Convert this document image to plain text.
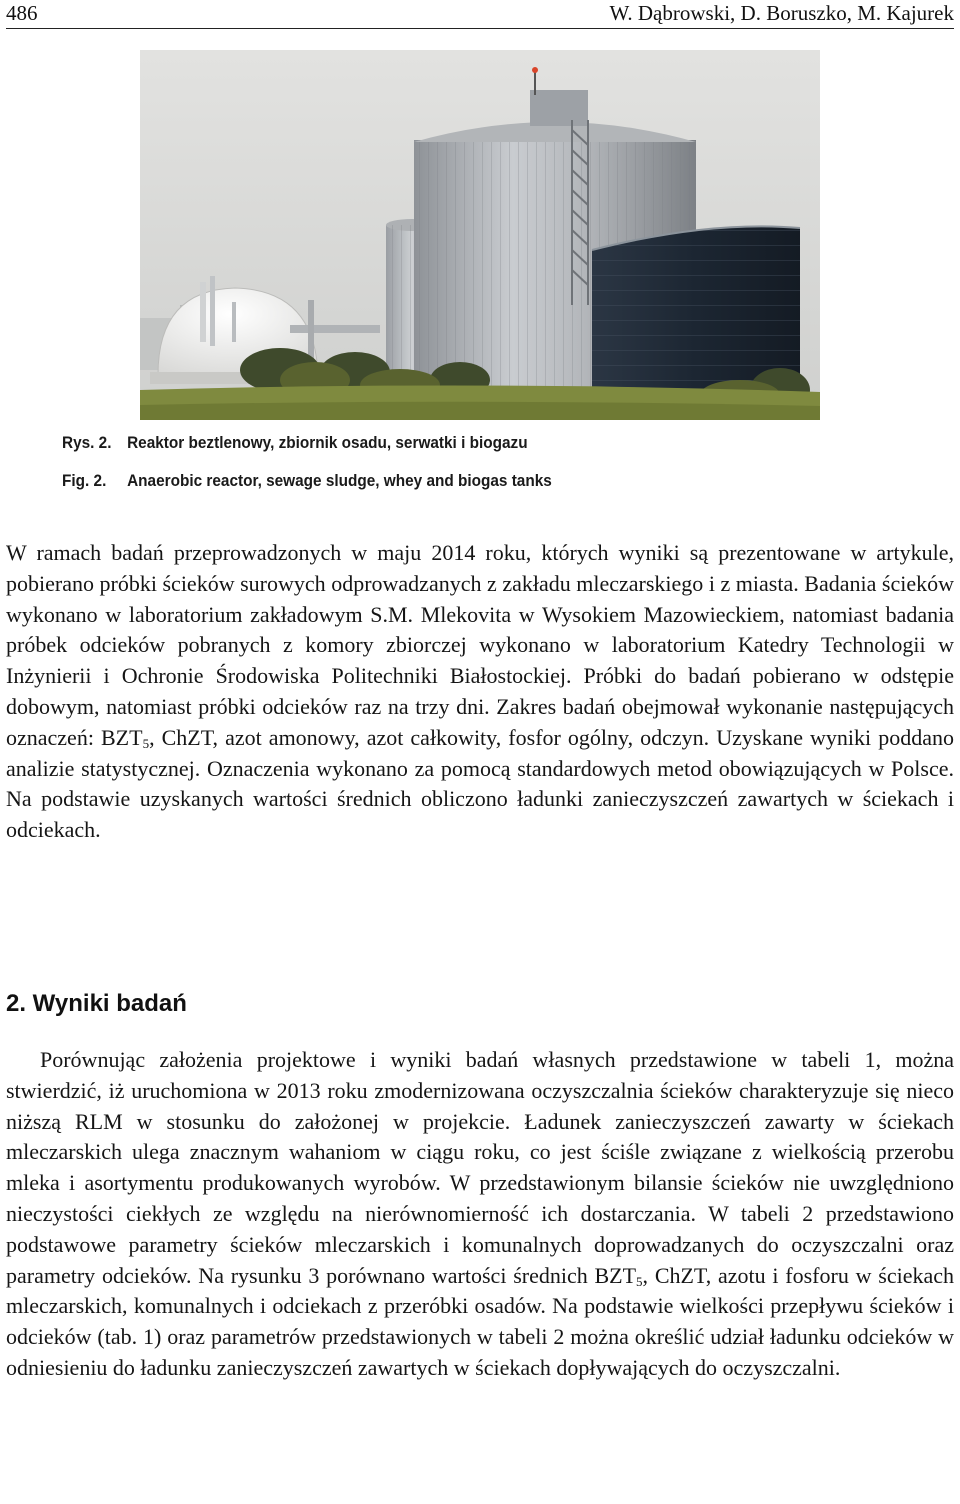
486	W. Dąbrowski, D. Boruszko, M. Kajurek
Rys. 2. Reaktor beztlenowy, zbiornik osadu, serwatki i biogazu
Fig. 2. Anaerobic reactor, sewage sludge, whey and biogas tanks

W ramach badań przeprowadzonych w maju 2014 roku, których wyniki są prezentowane w artykule, pobierano próbki ścieków surowych odprowadzanych z zakładu mleczarskiego i z miasta. Badania ścieków wykonano w laboratorium zakładowym S.M. Mlekovita w Wysokiem Mazowieckiem, natomiast badania próbek odcieków pobranych z komory zbiorczej wykonano w laboratorium Katedry Technologii w Inżynierii i Ochronie Środowiska Politechniki Białostockiej. Próbki do badań pobierano w odstępie dobowym, natomiast próbki odcieków raz na trzy dni. Zakres badań obejmował wykonanie następujących oznaczeń: $BZT_5$, ChZT, azot amonowy, azot całkowity, fosfor ogólny, odczyn. Uzyskane wyniki poddano analizie statystycznej. Oznaczenia wykonano za pomocą standardowych metod obowiązujących w Polsce. Na podstawie uzyskanych wartości średnich obliczono ładunki zanieczyszczeń zawartych w ściekach i odciekach.

2. Wyniki badań

Porównując założenia projektowe i wyniki badań własnych przedstawione w tabeli 1, można stwierdzić, iż uruchomiona w 2013 roku zmodernizowana oczyszczalnia ścieków charakteryzuje się nieco niższą RLM w stosunku do założonej w projekcie. Ładunek zanieczyszczeń zawarty w ściekach mleczarskich ulega znacznym wahaniom w ciągu roku, co jest ściśle związane z wielkością przerobu mleka i asortymentu produkowanych wyrobów. W przedstawionym bilansie ścieków nie uwzględniono nieczystości ciekłych ze względu na nierównomierność ich dostarczania. W tabeli 2 przedstawiono podstawowe parametry ścieków mleczarskich i komunalnych doprowadzanych do oczyszczalni oraz parametry odcieków. Na rysunku 3 porównano wartości średnich $BZT_5$, ChZT, azotu i fosforu w ściekach mleczarskich, komunalnych i odciekach z przeróbki osadów. Na podstawie wielkości przepływu ścieków i odcieków (tab. 1) oraz parametrów przedstawionych w tabeli 2 można określić udział ładunku odcieków w odniesieniu do ładunku zanieczyszczeń zawartych w ściekach dopływających do oczyszczalni.
